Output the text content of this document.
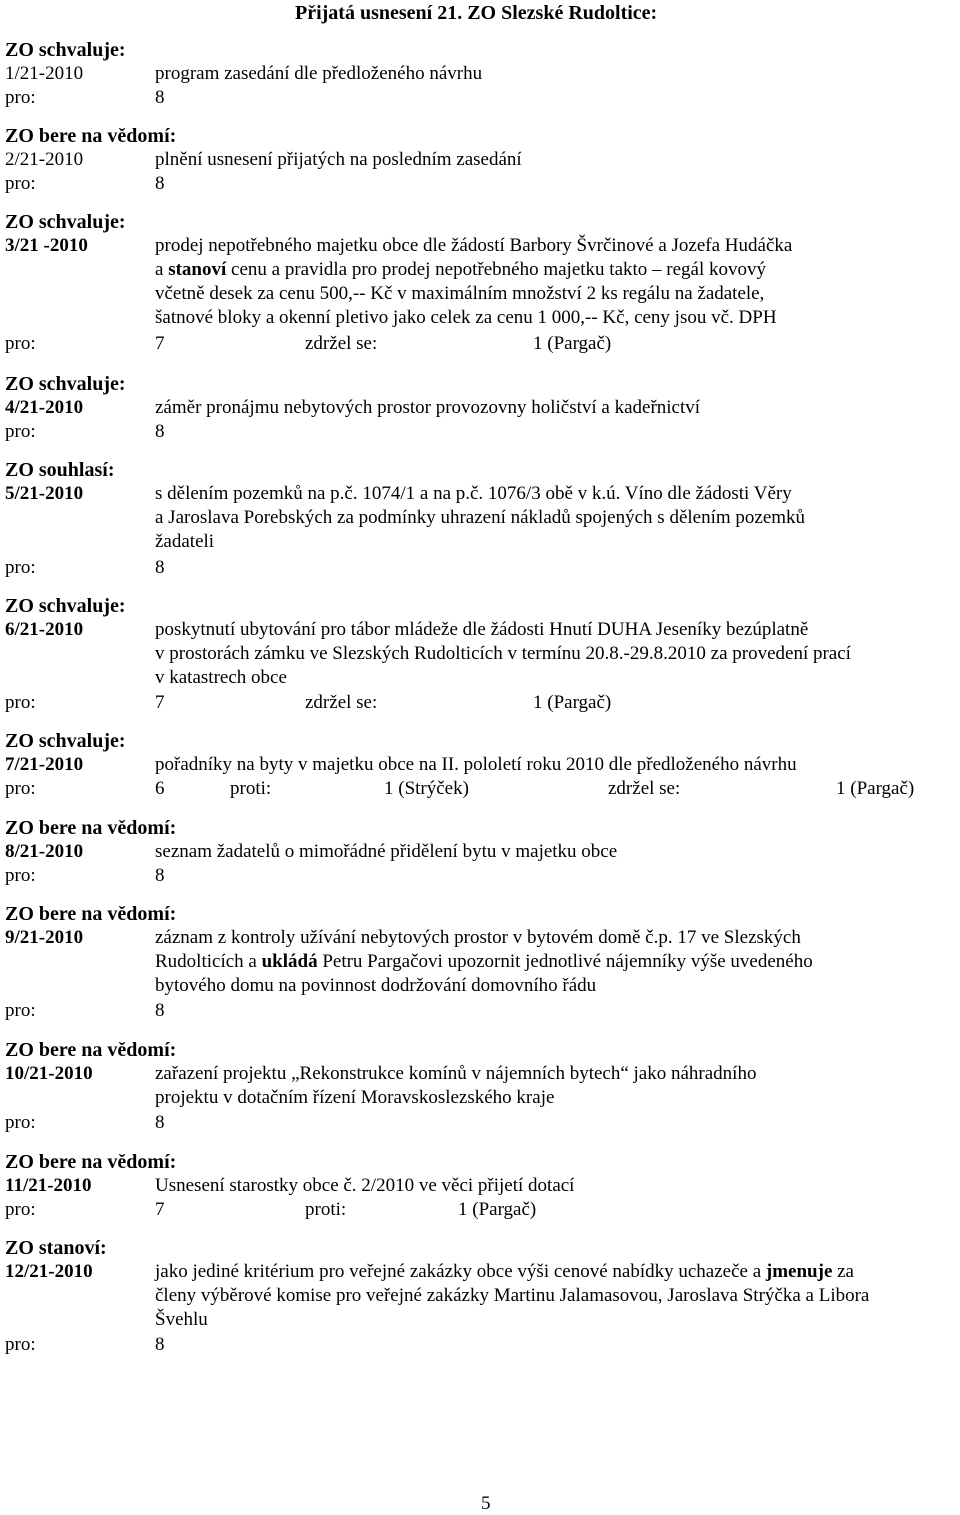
Přijatá usnesení 21. ZO Slezské Rudoltice:
ZO schvaluje:
1/21-2010	program zasedání dle předloženého návrhu
pro:	8
ZO bere na vědomí:
2/21-2010	plnění usnesení přijatých na posledním zasedání
pro:	8
ZO schvaluje:
3/21 -2010	prodej nepotřebného majetku obce dle žádostí Barbory Švrčinové a Jozefa Hudáčka
a stanoví cenu a pravidla pro prodej nepotřebného majetku takto – regál kovový
včetně desek za cenu 500,-- Kč v maximálním množství 2 ks regálu na žadatele,
šatnové bloky a okenní pletivo jako celek za cenu 1 000,-- Kč, ceny jsou vč. DPH
pro:	7	zdržel se:	1 (Pargač)
ZO schvaluje:
4/21-2010	záměr pronájmu nebytových prostor provozovny holičství a kadeřnictví
pro:	8
ZO souhlasí:
5/21-2010	s dělením pozemků na p.č. 1074/1 a na p.č. 1076/3 obě v k.ú. Víno dle žádosti Věry
a Jaroslava Porebských za podmínky uhrazení nákladů spojených s dělením pozemků
žadateli
pro:	8
ZO schvaluje:
6/21-2010	poskytnutí ubytování pro tábor mládeže dle žádosti Hnutí DUHA Jeseníky bezúplatně
v prostorách zámku ve Slezských Rudolticích v termínu 20.8.-29.8.2010 za provedení prací
v katastrech obce
pro:	7	zdržel se:	1 (Pargač)
ZO schvaluje:
7/21-2010	pořadníky na byty v majetku obce na II. pololetí roku 2010 dle předloženého návrhu
pro:	6	proti:	1 (Strýček)	zdržel se:	1 (Pargač)
ZO bere na vědomí:
8/21-2010	seznam žadatelů o mimořádné přidělení bytu v majetku obce
pro:	8
ZO bere na vědomí:
9/21-2010	záznam z kontroly užívání nebytových prostor v bytovém domě č.p. 17 ve Slezských
Rudolticích a ukládá Petru Pargačovi upozornit jednotlivé nájemníky výše uvedeného
bytového domu na povinnost dodržování domovního řádu
pro:	8
ZO bere na vědomí:
10/21-2010	zařazení projektu „Rekonstrukce komínů v nájemních bytech“ jako náhradního
projektu v dotačním řízení Moravskoslezského kraje
pro:	8
ZO bere na vědomí:
11/21-2010	Usnesení starostky obce č. 2/2010 ve věci přijetí dotací
pro:	7	proti:	1 (Pargač)
ZO stanoví:
12/21-2010	jako jediné kritérium pro veřejné zakázky obce výši cenové nabídky uchazeče a jmenuje za
členy výběrové komise pro veřejné zakázky Martinu Jalamasovou, Jaroslava Strýčka a Libora
Švehlu
pro:	8
5
